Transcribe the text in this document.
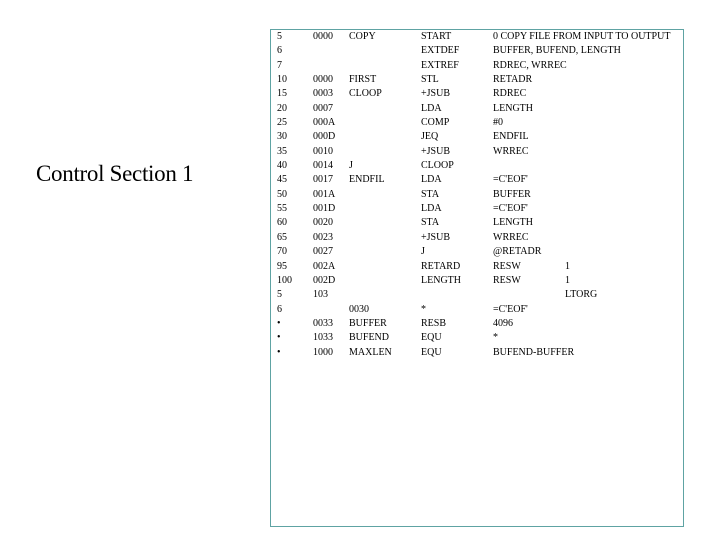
Control Section 1
5
6
7
10
15
20
25
30
35
40
45
50
55
60
65
70
95
100
5
6
•
•
•
0000
0000
0003
0007
000A
000D
0010
0014
0017
001A
001D
0020
0023
0027
002A
002D
103
0033
1033
1000
COPY
FIRST
CLOOP
J
ENDFIL
0030
BUFFER
BUFEND
MAXLEN
START
EXTDEF
EXTREF
STL
+JSUB
LDA
COMP
JEQ
+JSUB
CLOOP
LDA
STA
LDA
STA
+JSUB
J
RETARD
LENGTH
*
RESB
EQU
EQU
0 COPY FILE FROM INPUT TO OUTPUT
BUFFER, BUFEND, LENGTH
RDREC, WRREC
RETADR
RDREC
LENGTH
#0
ENDFIL
WRREC
=C'EOF'
BUFFER
=C'EOF'
LENGTH
WRREC
@RETADR
RESW
RESW
=C'EOF'
4096
*
BUFEND-BUFFER
1
1
LTORG
